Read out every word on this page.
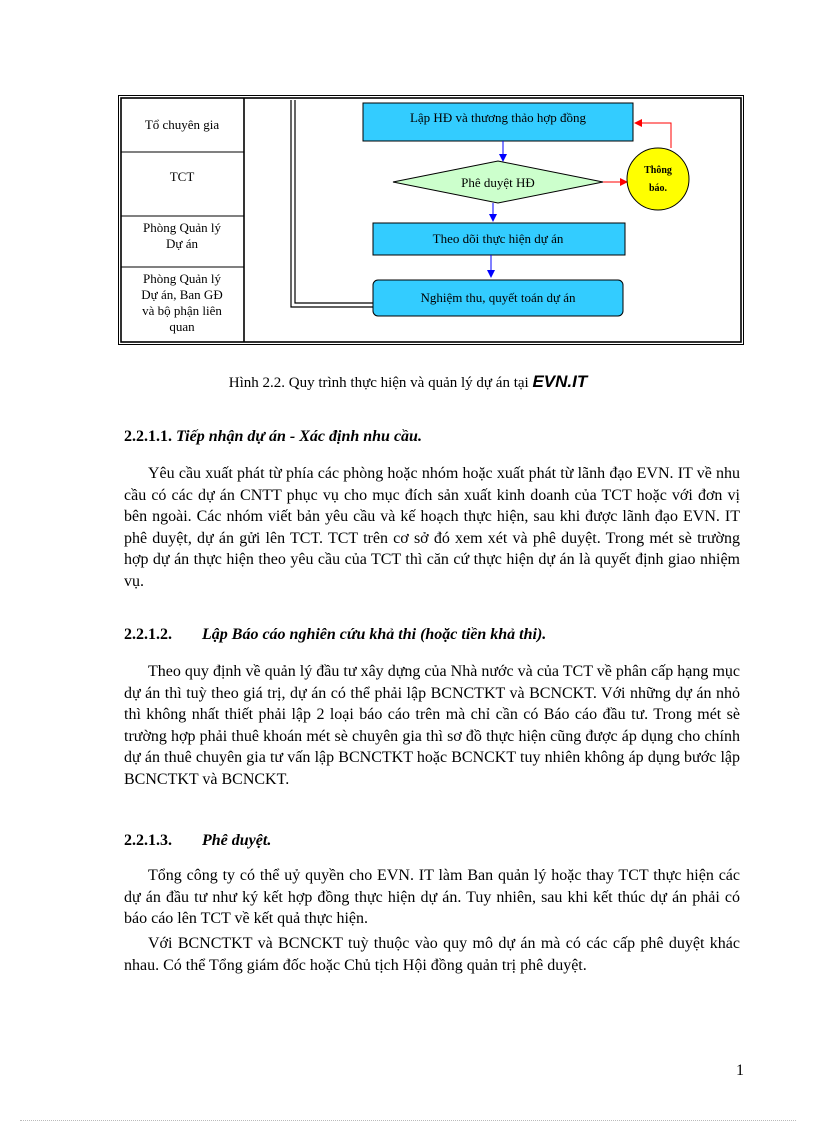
Tổ chuyên gia
TCT
Phòng Quản lý
Dự án
Phòng Quản lý
Dự án, Ban GĐ
và bộ phận liên
quan
Lập HĐ và thương thảo hợp đồng
Phê duyệt HĐ
Thông
báo.
Theo dõi thực hiện dự án
Nghiệm thu, quyết toán dự án
Hình 2.2. Quy trình thực hiện và quản lý dự án tại EVN.IT
2.2.1.1. Tiếp nhận dự án - Xác định nhu cầu.

Yêu cầu xuất phát từ phía các phòng hoặc nhóm hoặc xuất phát từ lãnh đạo EVN. IT về nhu cầu có các dự án CNTT phục vụ cho mục đích sản xuất kinh doanh của TCT hoặc với đơn vị bên ngoài. Các nhóm viết bản yêu cầu và kế hoạch thực hiện, sau khi được lãnh đạo EVN. IT phê duyệt, dự án gửi lên TCT. TCT trên cơ sở đó xem xét và phê duyệt. Trong mét sè trường hợp dự án thực hiện theo yêu cầu của TCT thì căn cứ thực hiện dự án là quyết định giao nhiệm vụ.

2.2.1.2. Lập Báo cáo nghiên cứu khả thi (hoặc tiền khả thi).

Theo quy định về quản lý đầu tư xây dựng của Nhà nước và của TCT về phân cấp hạng mục dự án thì tuỳ theo giá trị, dự án có thể phải lập BCNCTKT và BCNCKT. Với những dự án nhỏ thì không nhất thiết phải lập 2 loại báo cáo trên mà chỉ cần có Báo cáo đầu tư. Trong mét sè trường hợp phải thuê khoán mét sè chuyên gia thì sơ đồ thực hiện cũng được áp dụng cho chính dự án thuê chuyên gia tư vấn lập BCNCTKT hoặc BCNCKT tuy nhiên không áp dụng bước lập BCNCTKT và BCNCKT.

2.2.1.3. Phê duyệt.

Tổng công ty có thể uỷ quyền cho EVN. IT làm Ban quản lý hoặc thay TCT thực hiện các dự án đầu tư như ký kết hợp đồng thực hiện dự án. Tuy nhiên, sau khi kết thúc dự án phải có báo cáo lên TCT về kết quả thực hiện.

Với BCNCTKT và BCNCKT tuỳ thuộc vào quy mô dự án mà có các cấp phê duyệt khác nhau. Có thể Tổng giám đốc hoặc Chủ tịch Hội đồng quản trị phê duyệt.

1
